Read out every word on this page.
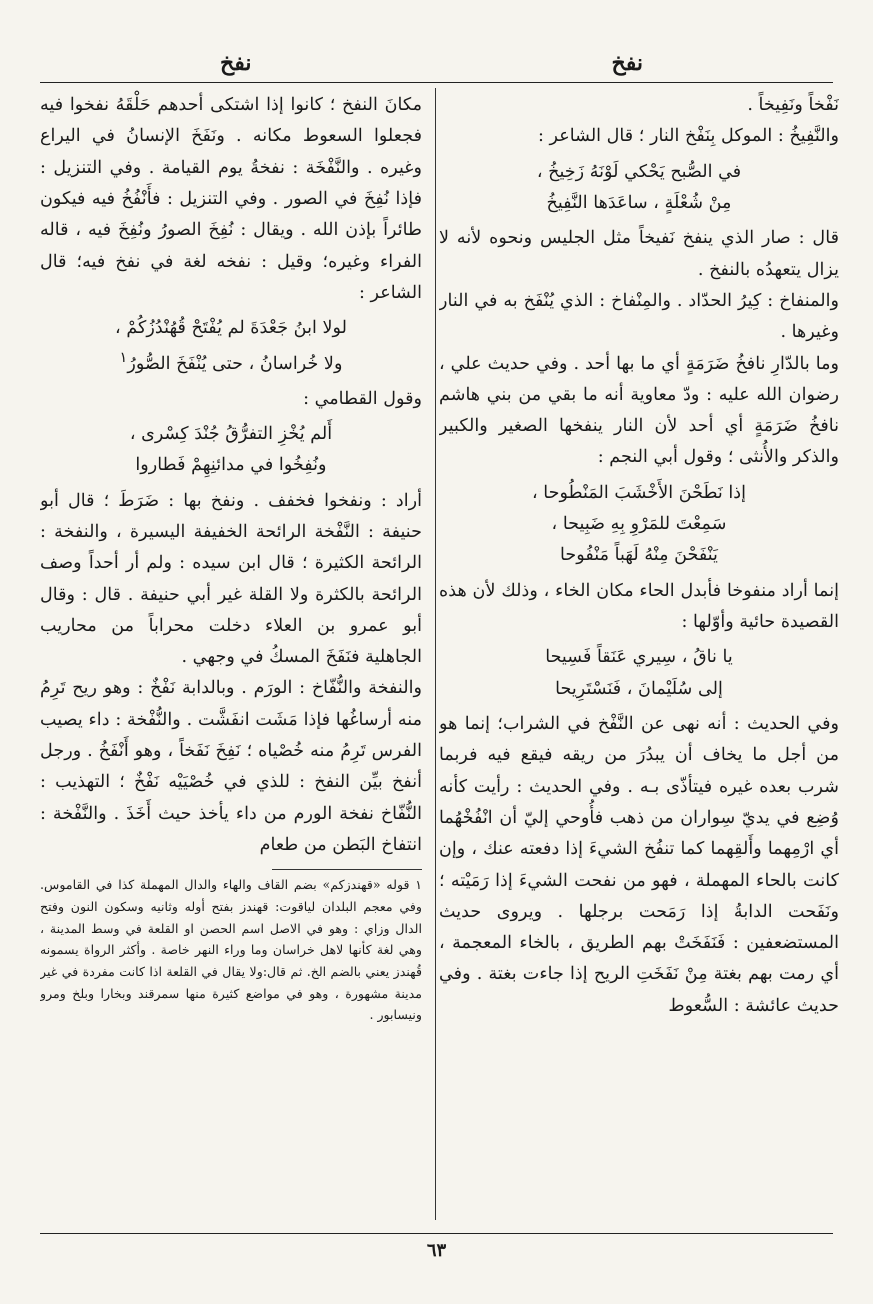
نفخ
نفخ

نَفْخاً ونَفِيخاً .

والنَّفِيخُ : الموكل بِنَفْخ النار ؛ قال الشاعر :

في الصُّبح يَحْكي لَوْنَهُ زَخِيخُ ،

مِنْ شُعْلَةٍ ، ساعَدَها النَّفِيخُ

قال : صار الذي ينفخ نَفيخاً مثل الجليس ونحوه لأنه لا يزال يتعهدُه بالنفخ .

والمنفاخ : كِيرُ الحدّاد . والمِنْفاخ : الذي يُنْفَخ به في النار وغيرها .

وما بالدّارِ نافخُ ضَرَمَةٍ أي ما بها أحد . وفي حديث علي ، رضوان الله عليه : ودّ معاوية أنه ما بقي من بني هاشم نافخُ ضَرَمَةٍ أي أحد لأن النار ينفخها الصغير والكبير والذكر والأُنثى ؛ وقول أبي النجم :

إذا نَطَحْنَ الأَخْشَبَ المَنْطُوحا ،

سَمِعْتَ للمَرْوِ بِهِ ضَبِيحا ،

يَنْفَحْنَ مِنْهُ لَهَباً مَنْفُوحا

إنما أراد منفوخا فأبدل الحاء مكان الخاء ، وذلك لأن هذه القصيدة حائية وأوّلها :

يا ناقُ ، سِيري عَنَقاً فَسِيحا

إلى سُلَيْمانَ ، فَنَسْتَرِيحا

وفي الحديث : أنه نهى عن النَّفْخ في الشراب؛ إنما هو من أجل ما يخاف أن يبدُرَ من ريقه فيقع فيه فربما شرب بعده غيره فيتأذّى بـه . وفي الحديث : رأيت كأنه وُضِع في يديّ سِواران من ذهب فأُوحي إليّ أن انْفُخْهُما أي ارْمِهما وأَلقِهما كما تنفُخ الشيءَ إذا دفعته عنك ، وإن كانت بالحاء المهملة ، فهو من نفحت الشيءَ إذا رَمَيْته ؛ ونَفَحت الدابةُ إذا رَمَحت برجلها . ويروى حديث المستضعفين : فَنَفَخَتْ بهم الطريق ، بالخاء المعجمة ، أي رمت بهم بغتة مِنْ نَفَخَتِ الريح إذا جاءت بغتة . وفي حديث عائشة : السُّعوط

مكانَ النفخ ؛ كانوا إذا اشتكى أحدهم حَلْقَهُ نفخوا فيه فجعلوا السعوط مكانه . ونَفَخَ الإنسانُ في اليراع وغيره . والنَّفْخَة : نفخةُ يوم القيامة . وفي التنزيل : فإذا نُفِخَ في الصور . وفي التنزيل : فأَنْفُخُ فيه فيكون طائراً بإذن الله . ويقال : نُفِخَ الصورُ ونُفِخَ فيه ، قاله الفراء وغيره؛ وقيل : نفخه لغة في نفخ فيه؛ قال الشاعر :

لولا ابنُ جَعْدَةَ لم يُفْتَحْ قُهُنْدُزُكُمْ ،

ولا خُراسانُ ، حتى يُنْفَخَ الصُّورُ$^١$

وقول القطامي :

أَلم يُخْزِ التفرُّقُ جُنْدَ كِسْرى ،

ونُفِخُوا في مدائنِهِمْ فَطاروا

أراد : ونفخوا فخفف . ونفخ بها : ضَرَطَ ؛ قال أبو حنيفة : النَّفْخة الرائحة الخفيفة اليسيرة ، والنفخة : الرائحة الكثيرة ؛ قال ابن سيده : ولم أر أحداً وصف الرائحة بالكثرة ولا القلة غير أبي حنيفة . قال : وقال أبو عمرو بن العلاء دخلت محراباً من محاريب الجاهلية فنَفَخَ المسكُ في وجهي .

والنفخة والنُّفّاخ : الورَم . وبالدابة نَفْخٌ : وهو ريح تَرِمُ منه أرساغُها فإذا مَشَت انفَشَّت . والنُّفْخة : داء يصيب الفرس تَرِمُ منه خُصْياه ؛ نَفِخَ نَفَخاً ، وهو أَنْفَخُ . ورجل أنفخ بيِّن النفخ : للذي في خُصْيَيْه نَفْخٌ ؛ التهذيب : النُّفّاخ نفخة الورم من داء يأخذ حيث أَخَذَ . والنَّفْخة : انتفاخ البَطن من طعام

١ قوله «قهندزكم» بضم القاف والهاء والدال المهملة كذا في القاموس. وفي معجم البلدان لياقوت: قهندز بفتح أوله وثانيه وسكون النون وفتح الدال وزاي : وهو في الاصل اسم الحصن او القلعة في وسط المدينة ، وهي لغة كأنها لاهل خراسان وما وراء النهر خاصة . وأكثر الرواة يسمونه قُهندز يعني بالضم الخ. ثم قال:ولا يقال في القلعة اذا كانت مفردة في غير مدينة مشهورة ، وهو في مواضع كثيرة منها سمرقند وبخارا وبلخ ومرو ونيسابور .

٦٣
